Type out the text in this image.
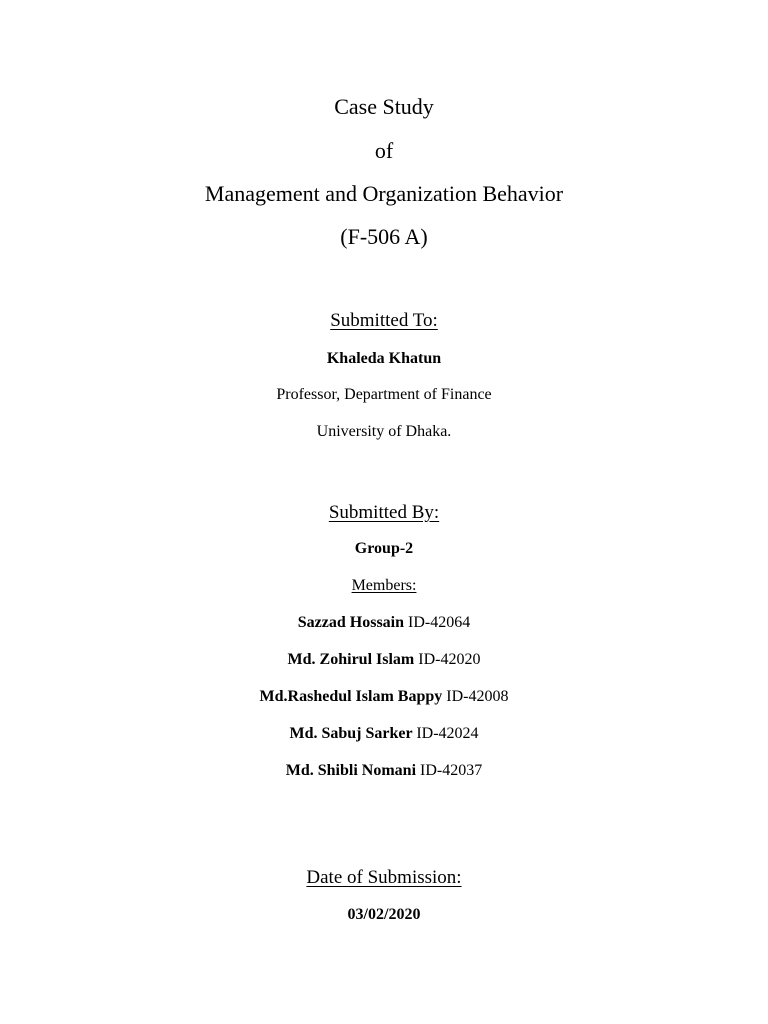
Case Study
of
Management and Organization Behavior
(F-506 A)
Submitted To:
Khaleda Khatun
Professor, Department of Finance
University of Dhaka.
Submitted By:
Group-2
Members:
Sazzad Hossain ID-42064
Md. Zohirul Islam ID-42020
Md.Rashedul Islam Bappy ID-42008
Md. Sabuj Sarker ID-42024
Md. Shibli Nomani ID-42037
Date of Submission:
03/02/2020
